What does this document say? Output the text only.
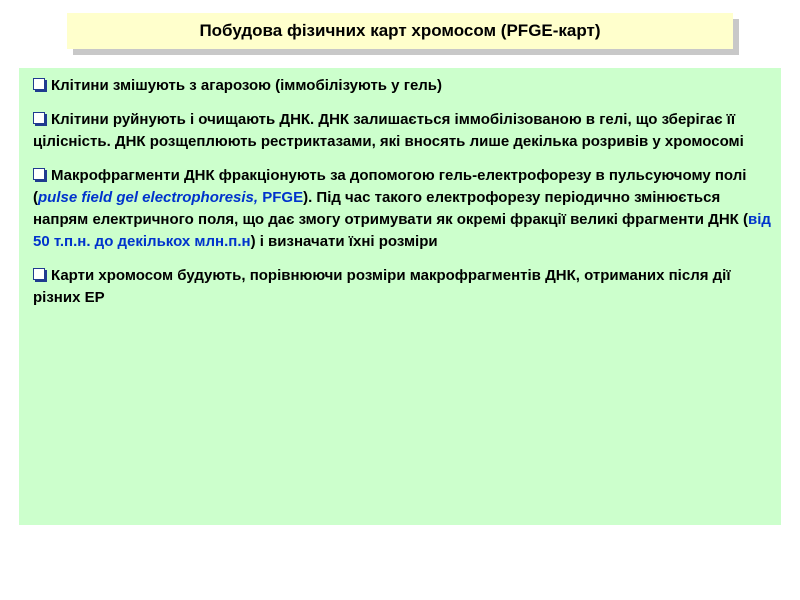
Побудова фізичних карт хромосом (PFGE-карт)

Клітини змішують з агарозою (іммобілізують у гель)

Клітини руйнують і очищають ДНК. ДНК залишається іммобілізованою в гелі, що зберігає її цілісність. ДНК розщеплюють рестриктазами, які вносять лише декілька розривів у хромосомі

Макрофрагменти ДНК фракціонують за допомогою гель-електрофорезу в пульсуючому полі (pulse field gel electrophoresis, PFGE). Під час такого електрофорезу періодично змінюється напрям електричного поля, що дає змогу отримувати як окремі фракції великі фрагменти ДНК (від 50 т.п.н. до декількох млн.п.н) і визначати їхні розміри

Карти хромосом будують, порівнюючи розміри макрофрагментів ДНК, отриманих після дії різних ЕР
